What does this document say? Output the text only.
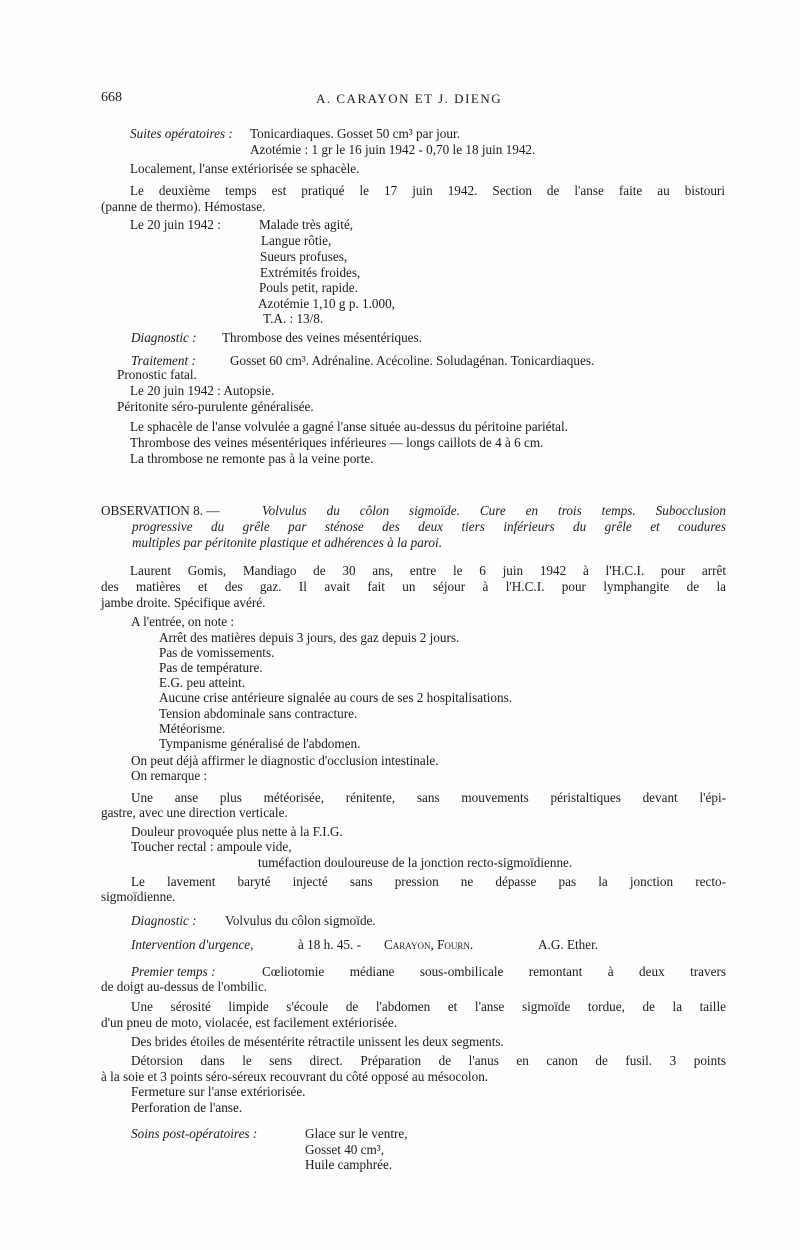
668	A. CARAYON ET J. DIENG
Suites opératoires : Tonicardiaques. Gosset 50 cm³ par jour.
Azotémie : 1 gr le 16 juin 1942 - 0,70 le 18 juin 1942.
Localement, l'anse extériorisée se sphacèle.
Le deuxième temps est pratiqué le 17 juin 1942. Section de l'anse faite au bistouri
(panne de thermo). Hémostase.
Le 20 juin 1942 :	Malade très agité,
Langue rôtie,
Sueurs profuses,
Extrémités froides,
Pouls petit, rapide.
Azotémie 1,10 g p. 1.000,
T.A. : 13/8.
Diagnostic : Thrombose des veines mésentériques.
Traitement :	Gosset 60 cm³. Adrénaline. Acécoline. Soludagénan. Tonicardiaques.
Pronostic fatal.
Le 20 juin 1942 : Autopsie.
Péritonite séro-purulente généralisée.
Le sphacèle de l'anse volvulée a gagné l'anse située au-dessus du péritoine pariétal.
Thrombose des veines mésentériques inférieures — longs caillots de 4 à 6 cm.
La thrombose ne remonte pas à la veine porte.
OBSERVATION 8. —	Volvulus du côlon sigmoïde. Cure en trois temps. Subocclusion
progressive du grêle par sténose des deux tiers inférieurs du grêle et coudures
multiples par péritonite plastique et adhérences à la paroi.
Laurent Gomis, Mandiago de 30 ans, entre le 6 juin 1942 à l'H.C.I. pour arrêt
des matières et des gaz. Il avait fait un séjour à l'H.C.I. pour lymphangite de la
jambe droite. Spécifique avéré.
A l'entrée, on note :
Arrêt des matières depuis 3 jours, des gaz depuis 2 jours.
Pas de vomissements.
Pas de température.
E.G. peu atteint.
Aucune crise antérieure signalée au cours de ses 2 hospitalisations.
Tension abdominale sans contracture.
Météorisme.
Tympanisme généralisé de l'abdomen.
On peut déjà affirmer le diagnostic d'occlusion intestinale.
On remarque :
Une anse plus météorisée, rénitente, sans mouvements péristaltiques devant l'épi-
gastre, avec une direction verticale.
Douleur provoquée plus nette à la F.I.G.
Toucher rectal : ampoule vide,
tuméfaction douloureuse de la jonction recto-sigmoïdienne.
Le lavement baryté injecté sans pression ne dépasse pas la jonction recto-
sigmoïdienne.
Diagnostic : Volvulus du côlon sigmoïde.
Intervention d'urgence,	à 18 h. 45. - Carayon, Fourn.	A.G. Ether.
Premier temps :	Cœliotomie médiane sous-ombilicale remontant à deux travers
de doigt au-dessus de l'ombilic.
Une sérosité limpide s'écoule de l'abdomen et l'anse sigmoïde tordue, de la taille
d'un pneu de moto, violacée, est facilement extériorisée.
Des brides étoiles de mésentérite rétractile unissent les deux segments.
Détorsion dans le sens direct. Préparation de l'anus en canon de fusil. 3 points
à la soie et 3 points séro-séreux recouvrant du côté opposé au mésocolon.
Fermeture sur l'anse extériorisée.
Perforation de l'anse.
Soins post-opératoires :	Glace sur le ventre,
Gosset 40 cm³,
Huile camphrée.
